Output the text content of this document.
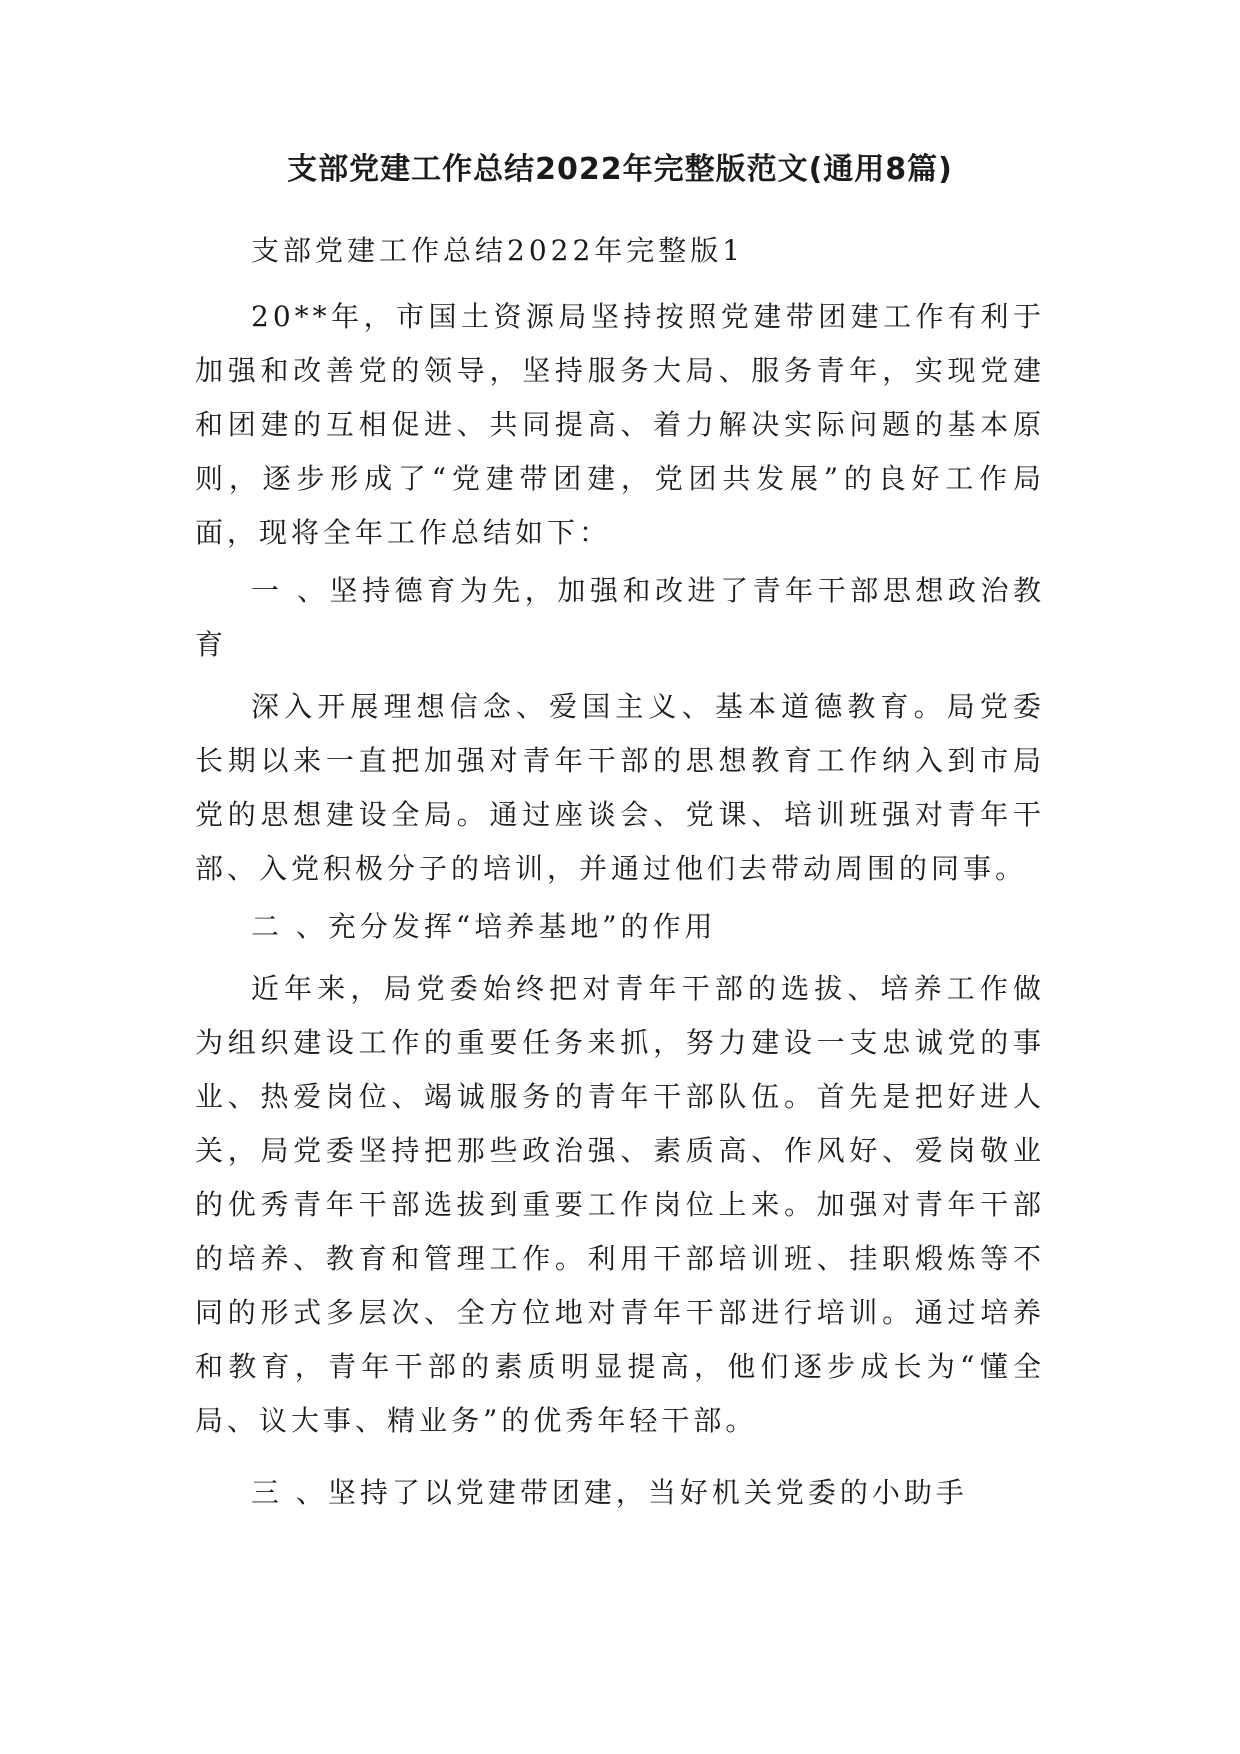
支部党建工作总结2022年完整版范文(通用8篇)

支部党建工作总结2022年完整版1

20**年，市国土资源局坚持按照党建带团建工作有利于加强和改善党的领导，坚持服务大局、服务青年，实现党建和团建的互相促进、共同提高、着力解决实际问题的基本原则，逐步形成了“党建带团建，党团共发展”的良好工作局面，现将全年工作总结如下：

一 、坚持德育为先，加强和改进了青年干部思想政治教育

深入开展理想信念、爱国主义、基本道德教育。局党委长期以来一直把加强对青年干部的思想教育工作纳入到市局党的思想建设全局。通过座谈会、党课、培训班强对青年干部、入党积极分子的培训，并通过他们去带动周围的同事。

二 、充分发挥“培养基地”的作用

近年来，局党委始终把对青年干部的选拔、培养工作做为组织建设工作的重要任务来抓，努力建设一支忠诚党的事业、热爱岗位、竭诚服务的青年干部队伍。首先是把好进人关，局党委坚持把那些政治强、素质高、作风好、爱岗敬业的优秀青年干部选拔到重要工作岗位上来。加强对青年干部的培养、教育和管理工作。利用干部培训班、挂职煅炼等不同的形式多层次、全方位地对青年干部进行培训。通过培养和教育，青年干部的素质明显提高，他们逐步成长为“懂全局、议大事、精业务”的优秀年轻干部。

三 、坚持了以党建带团建，当好机关党委的小助手
